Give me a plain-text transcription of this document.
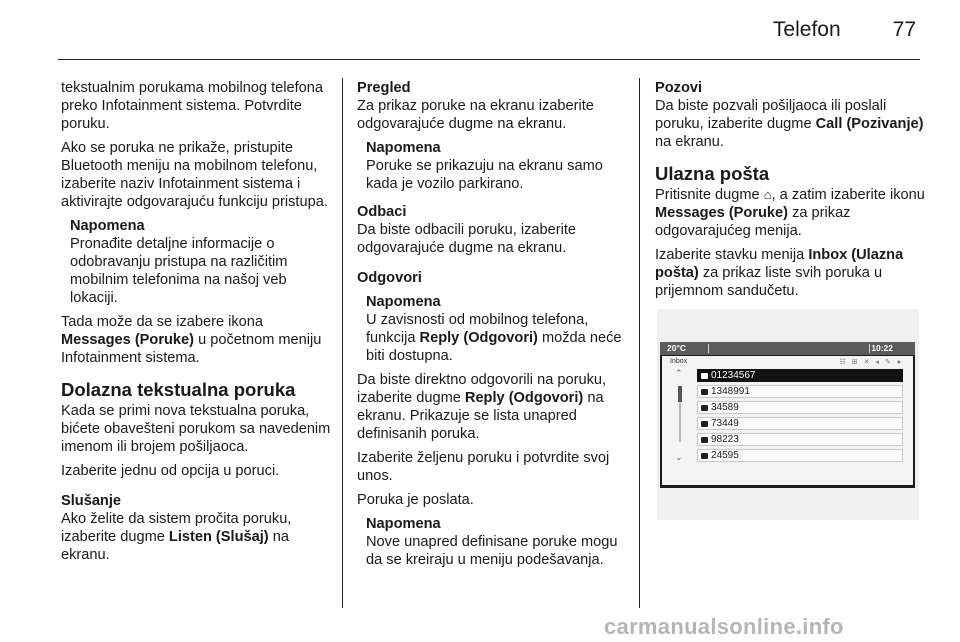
Telefon 77

tekstualnim porukama mobilnog telefona preko Infotainment sistema. Potvrdite poruku.

Ako se poruka ne prikaže, pristupite Bluetooth meniju na mobilnom telefonu, izaberite naziv Infotainment sistema i aktivirajte odgovarajuću funkciju pristupa.

Napomena
Pronađite detaljne informacije o odobravanju pristupa na različitim mobilnim telefonima na našoj veb lokaciji.

Tada može da se izabere ikona Messages (Poruke) u početnom meniju Infotainment sistema.

Dolazna tekstualna poruka

Kada se primi nova tekstualna poruka, bićete obavešteni porukom sa navedenim imenom ili brojem pošiljaoca.

Izaberite jednu od opcija u poruci.

Slušanje

Ako želite da sistem pročita poruku, izaberite dugme Listen (Slušaj) na ekranu.

Pregled

Za prikaz poruke na ekranu izaberite odgovarajuće dugme na ekranu.

Napomena
Poruke se prikazuju na ekranu samo kada je vozilo parkirano.
Odbaci

Da biste odbacili poruku, izaberite odgovarajuće dugme na ekranu.

Odgovori
Napomena
U zavisnosti od mobilnog telefona, funkcija Reply (Odgovori) možda neće biti dostupna.

Da biste direktno odgovorili na poruku, izaberite dugme Reply (Odgovori) na ekranu. Prikazuje se lista unapred definisanih poruka.

Izaberite željenu poruku i potvrdite svoj unos.

Poruka je poslata.

Napomena
Nove unapred definisane poruke mogu da se kreiraju u meniju podešavanja.
Pozovi

Da biste pozvali pošiljaoca ili poslali poruku, izaberite dugme Call (Pozivanje) na ekranu.

Ulazna pošta

Pritisnite dugme ⌂, a zatim izaberite ikonu Messages (Poruke) za prikaz odgovarajućeg menija.

Izaberite stavku menija Inbox (Ulazna pošta) za prikaz liste svih poruka u prijemnom sandučetu.

20°C	10:22
Inbox	☷ ⊞ ✕ ◂ ✎ ●
⌃
⌄
01234567
1348991
34589
73449
98223
24595
carmanualsonline.info
